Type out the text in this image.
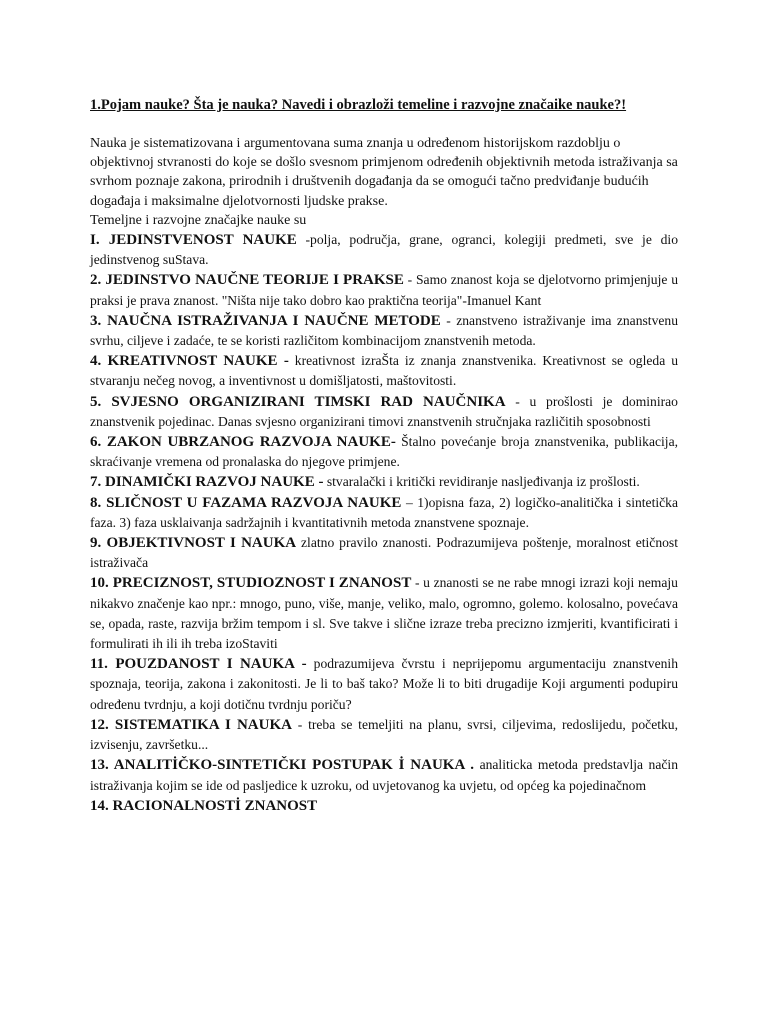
1.Pojam nauke? Šta je nauka? Navedi i obrazloži temeline i razvojne značaike nauke?!

Nauka je sistematizovana i argumentovana suma znanja u određenom historijskom razdoblju o objektivnoj stvranosti do koje se došlo svesnom primjenom određenih objektivnih metoda istraživanja sa svrhom poznaje zakona, prirodnih i društvenih događanja da se omogući tačno predviđanje budućih događaja i maksimalne djelotvornosti ljudske prakse.

Temeljne i razvojne značajke nauke su

I. JEDINSTVENOST NAUKE -polja, područja, grane, ogranci, kolegiji predmeti, sve je dio jedinstvenog suStava.

2. JEDINSTVO NAUČNE TEORIJE I PRAKSE - Samo znanost koja se djelotvorno primjenjuje u praksi je prava znanost. "Ništa nije tako dobro kao praktična teorija"-Imanuel Kant

3. NAUČNA ISTRAŽIVANJA I NAUČNE METODE - znanstveno istraživanje ima znanstvenu svrhu, ciljeve i zadaće, te se koristi različitom kombinacijom znanstvenih metoda.

4. KREATIVNOST NAUKE - kreativnost izraŠta iz znanja znanstvenika. Kreativnost se ogleda u stvaranju nečeg novog, a inventivnost u domišljatosti, maštovitosti.

5. SVJESNO ORGANIZIRANI TIMSKI RAD NAUČNIKA - u prošlosti je dominirao znanstvenik pojedinac. Danas svjesno organizirani timovi znanstvenih stručnjaka različitih sposobnosti

6. ZAKON UBRZANOG RAZVOJA NAUKE- Štalno povećanje broja znanstvenika, publikacija, skraćivanje vremena od pronalaska do njegove primjene.

7. DINAMIČKI RAZVOJ NAUKE - stvaralački i kritički revidiranje nasljeđivanja iz prošlosti.

8. SLIČNOST U FAZAMA RAZVOJA NAUKE – 1)opisna faza, 2) logičko-analitička i sintetička faza. 3) faza usklaivanja sadržajnih i kvantitativnih metoda znanstvene spoznaje.

9. OBJEKTIVNOST I NAUKA zlatno pravilo znanosti. Podrazumijeva poštenje, moralnost etičnost istraživača

10. PRECIZNOST, STUDIOZNOST I ZNANOST - u znanosti se ne rabe mnogi izrazi koji nemaju nikakvo značenje kao npr.: mnogo, puno, više, manje, veliko, malo, ogromno, golemo. kolosalno, povećava se, opada, raste, razvija bržim tempom i sl. Sve takve i slične izraze treba precizno izmjeriti, kvantificirati i formulirati ih ili ih treba izoStaviti

11. POUZDANOST I NAUKA - podrazumijeva čvrstu i neprijepomu argumentaciju znanstvenih spoznaja, teorija, zakona i zakonitosti. Je li to baš tako? Može li to biti drugadije Koji argumenti podupiru određenu tvrdnju, a koji dotičnu tvrdnju poriču?

12. SISTEMATIKA I NAUKA - treba se temeljiti na planu, svrsi, ciljevima, redoslijedu, početku, izvisenju, završetku...

13. ANALITİČKO-SINTETIČKI POSTUPAK İ NAUKA . analiticka metoda predstavlja način istraživanja kojim se ide od pasljedice k uzroku, od uvjetovanog ka uvjetu, od općeg ka pojedinačnom

14. RACIONALNOSTİ ZNANOST
